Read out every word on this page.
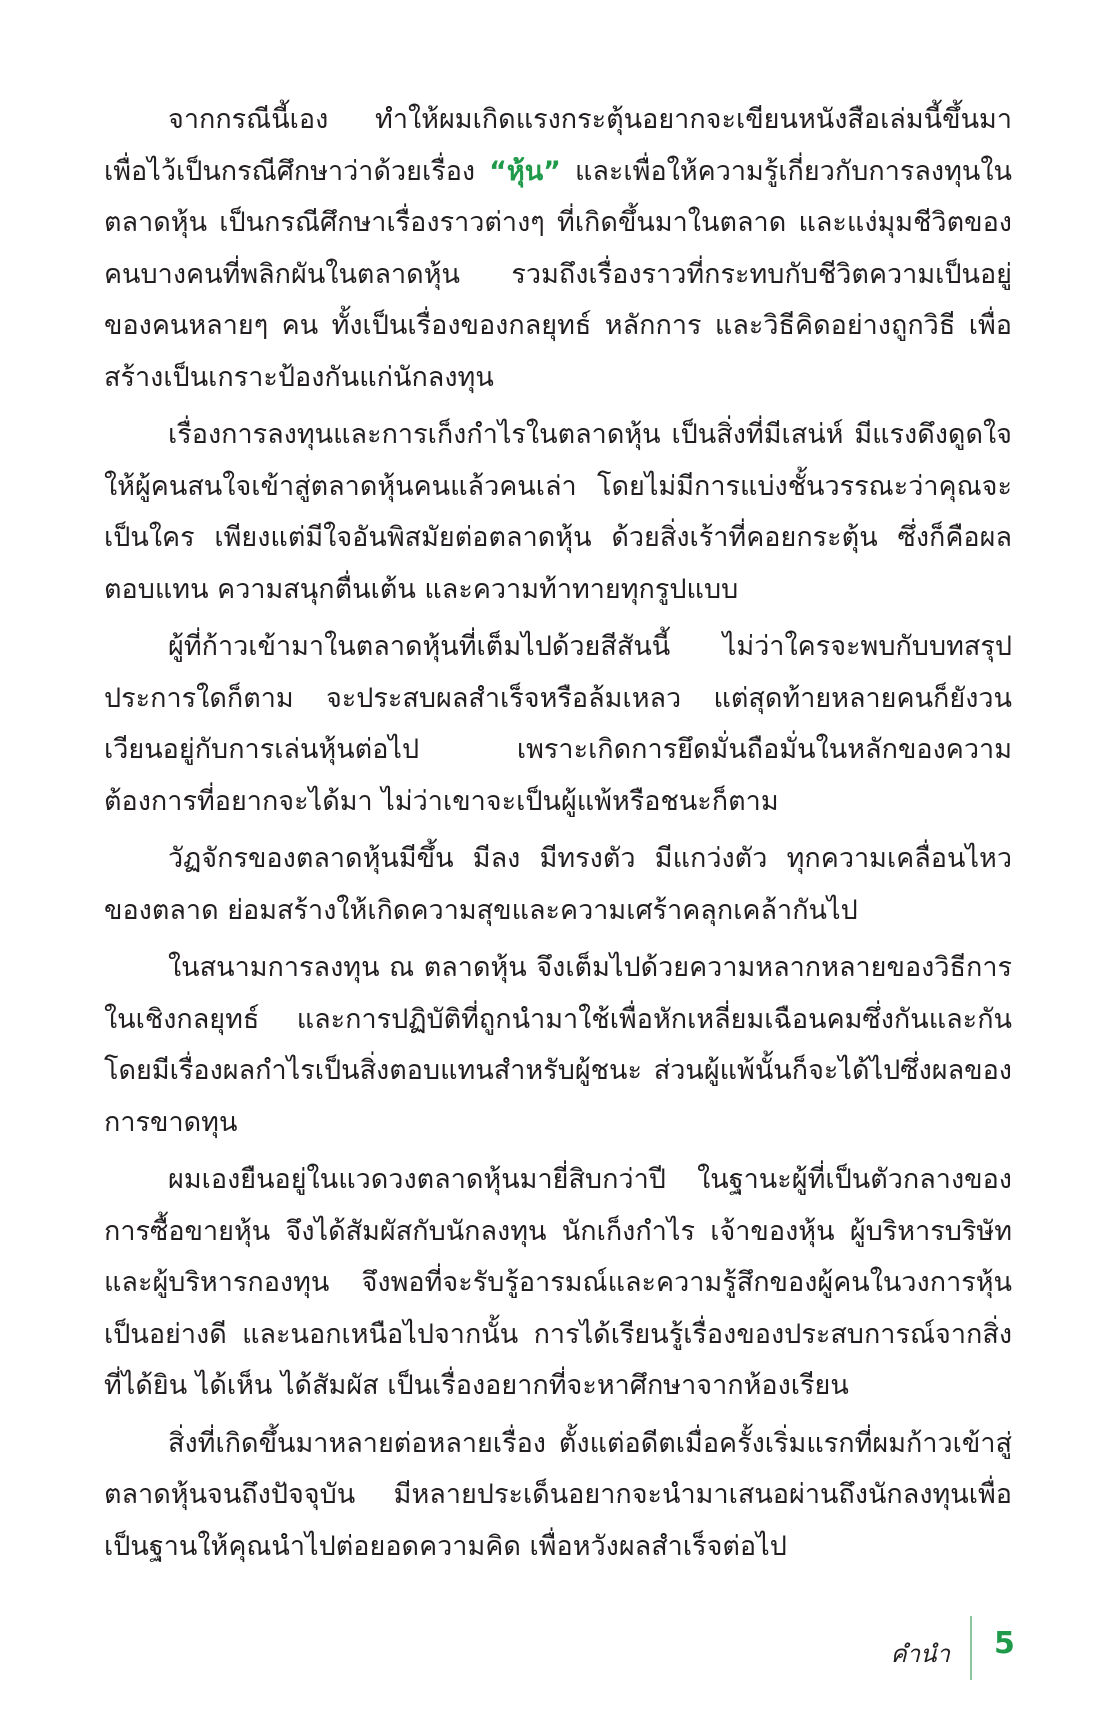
จากกรณีนี้เอง ทำให้ผมเกิดแรงกระตุ้นอยากจะเขียนหนังสือเล่มนี้ขึ้นมาเพื่อไว้เป็นกรณีศึกษาว่าด้วยเรื่อง “หุ้น” และเพื่อให้ความรู้เกี่ยวกับการลงทุนในตลาดหุ้น เป็นกรณีศึกษาเรื่องราวต่างๆ ที่เกิดขึ้นมาในตลาด และแง่มุมชีวิตของคนบางคนที่พลิกผันในตลาดหุ้น รวมถึงเรื่องราวที่กระทบกับชีวิตความเป็นอยู่ของคนหลายๆ คน ทั้งเป็นเรื่องของกลยุทธ์ หลักการ และวิธีคิดอย่างถูกวิธี เพื่อสร้างเป็นเกราะป้องกันแก่นักลงทุน

เรื่องการลงทุนและการเก็งกำไรในตลาดหุ้น เป็นสิ่งที่มีเสน่ห์ มีแรงดึงดูดใจให้ผู้คนสนใจเข้าสู่ตลาดหุ้นคนแล้วคนเล่า โดยไม่มีการแบ่งชั้นวรรณะว่าคุณจะเป็นใคร เพียงแต่มีใจอันพิสมัยต่อตลาดหุ้น ด้วยสิ่งเร้าที่คอยกระตุ้น ซึ่งก็คือผลตอบแทน ความสนุกตื่นเต้น และความท้าทายทุกรูปแบบ

ผู้ที่ก้าวเข้ามาในตลาดหุ้นที่เต็มไปด้วยสีสันนี้ ไม่ว่าใครจะพบกับบทสรุปประการใดก็ตาม จะประสบผลสำเร็จหรือล้มเหลว แต่สุดท้ายหลายคนก็ยังวนเวียนอยู่กับการเล่นหุ้นต่อไป เพราะเกิดการยึดมั่นถือมั่นในหลักของความต้องการที่อยากจะได้มา ไม่ว่าเขาจะเป็นผู้แพ้หรือชนะก็ตาม

วัฏจักรของตลาดหุ้นมีขึ้น มีลง มีทรงตัว มีแกว่งตัว ทุกความเคลื่อนไหวของตลาด ย่อมสร้างให้เกิดความสุขและความเศร้าคลุกเคล้ากันไป

ในสนามการลงทุน ณ ตลาดหุ้น จึงเต็มไปด้วยความหลากหลายของวิธีการในเชิงกลยุทธ์ และการปฏิบัติที่ถูกนำมาใช้เพื่อหักเหลี่ยมเฉือนคมซึ่งกันและกันโดยมีเรื่องผลกำไรเป็นสิ่งตอบแทนสำหรับผู้ชนะ ส่วนผู้แพ้นั้นก็จะได้ไปซึ่งผลของการขาดทุน

ผมเองยืนอยู่ในแวดวงตลาดหุ้นมายี่สิบกว่าปี ในฐานะผู้ที่เป็นตัวกลางของการซื้อขายหุ้น จึงได้สัมผัสกับนักลงทุน นักเก็งกำไร เจ้าของหุ้น ผู้บริหารบริษัทและผู้บริหารกองทุน จึงพอที่จะรับรู้อารมณ์และความรู้สึกของผู้คนในวงการหุ้นเป็นอย่างดี และนอกเหนือไปจากนั้น การได้เรียนรู้เรื่องของประสบการณ์จากสิ่งที่ได้ยิน ได้เห็น ได้สัมผัส เป็นเรื่องอยากที่จะหาศึกษาจากห้องเรียน

สิ่งที่เกิดขึ้นมาหลายต่อหลายเรื่อง ตั้งแต่อดีตเมื่อครั้งเริ่มแรกที่ผมก้าวเข้าสู่ตลาดหุ้นจนถึงปัจจุบัน มีหลายประเด็นอยากจะนำมาเสนอผ่านถึงนักลงทุนเพื่อเป็นฐานให้คุณนำไปต่อยอดความคิด เพื่อหวังผลสำเร็จต่อไป

คำนำ 5
